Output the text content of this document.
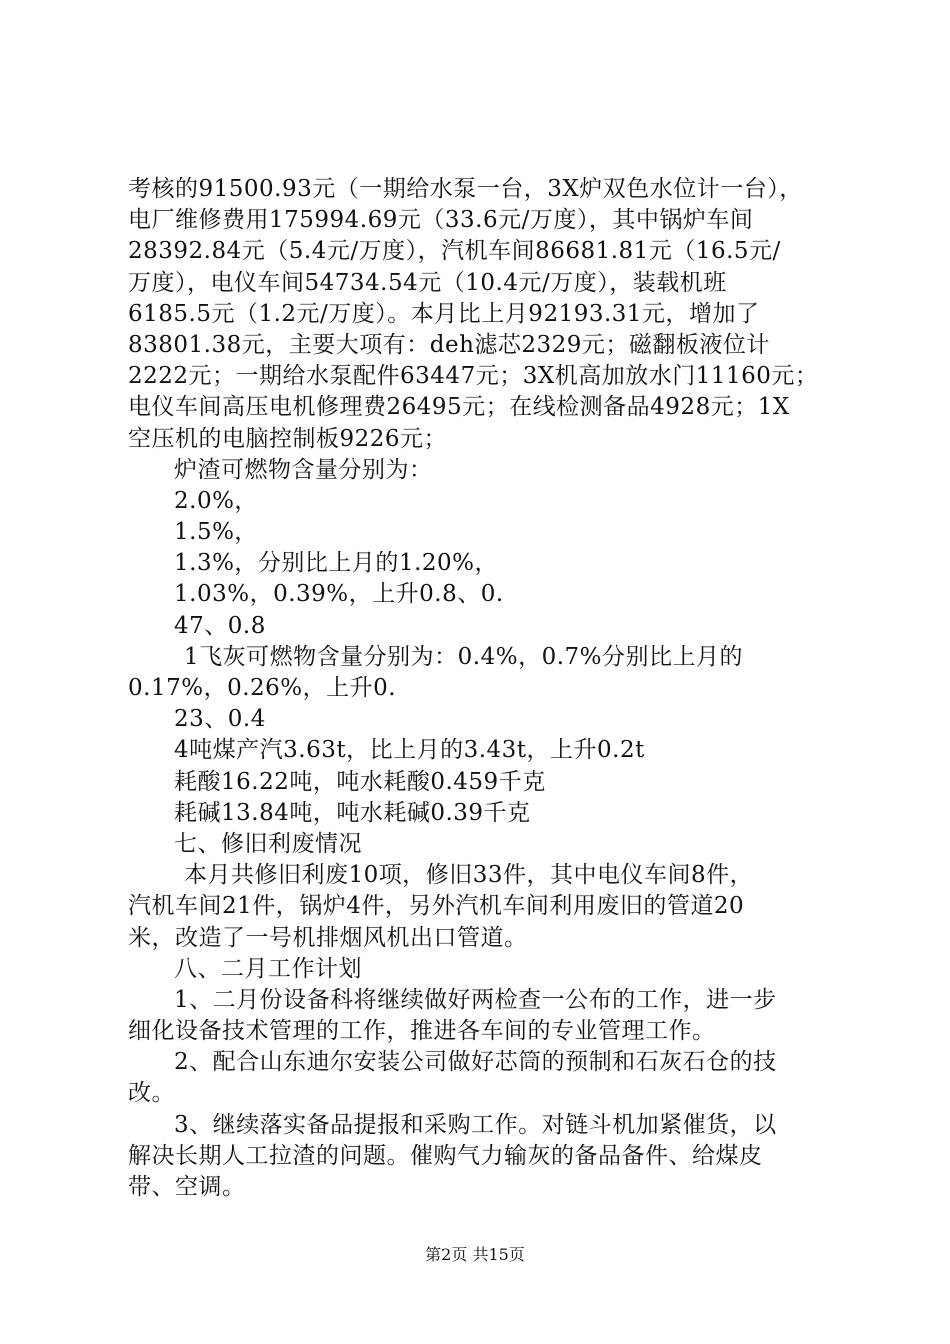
考核的91500.93元（一期给水泵一台，3X炉双色水位计一台），
电厂维修费用175994.69元（33.6元/万度），其中锅炉车间
28392.84元（5.4元/万度），汽机车间86681.81元（16.5元/
万度），电仪车间54734.54元（10.4元/万度），装载机班
6185.5元（1.2元/万度）。本月比上月92193.31元，增加了
83801.38元，主要大项有：deh滤芯2329元；磁翻板液位计
2222元；一期给水泵配件63447元；3X机高加放水门11160元；
电仪车间高压电机修理费26495元；在线检测备品4928元；1X
空压机的电脑控制板9226元；
炉渣可燃物含量分别为：
2.0%，
1.5%，
1.3%，分别比上月的1.20%，
1.03%，0.39%，上升0.8、0.
47、0.8
1飞灰可燃物含量分别为：0.4%，0.7%分别比上月的
0.17%，0.26%，上升0.
23、0.4
4吨煤产汽3.63t，比上月的3.43t，上升0.2t
耗酸16.22吨，吨水耗酸0.459千克
耗碱13.84吨，吨水耗碱0.39千克
七、修旧利废情况
本月共修旧利废10项，修旧33件，其中电仪车间8件，
汽机车间21件，锅炉4件，另外汽机车间利用废旧的管道20
米，改造了一号机排烟风机出口管道。
八、二月工作计划
1、二月份设备科将继续做好两检查一公布的工作，进一步
细化设备技术管理的工作，推进各车间的专业管理工作。
2、配合山东迪尔安装公司做好芯筒的预制和石灰石仓的技
改。
3、继续落实备品提报和采购工作。对链斗机加紧催货，以
解决长期人工拉渣的问题。催购气力输灰的备品备件、给煤皮
带、空调。
第2页 共15页
